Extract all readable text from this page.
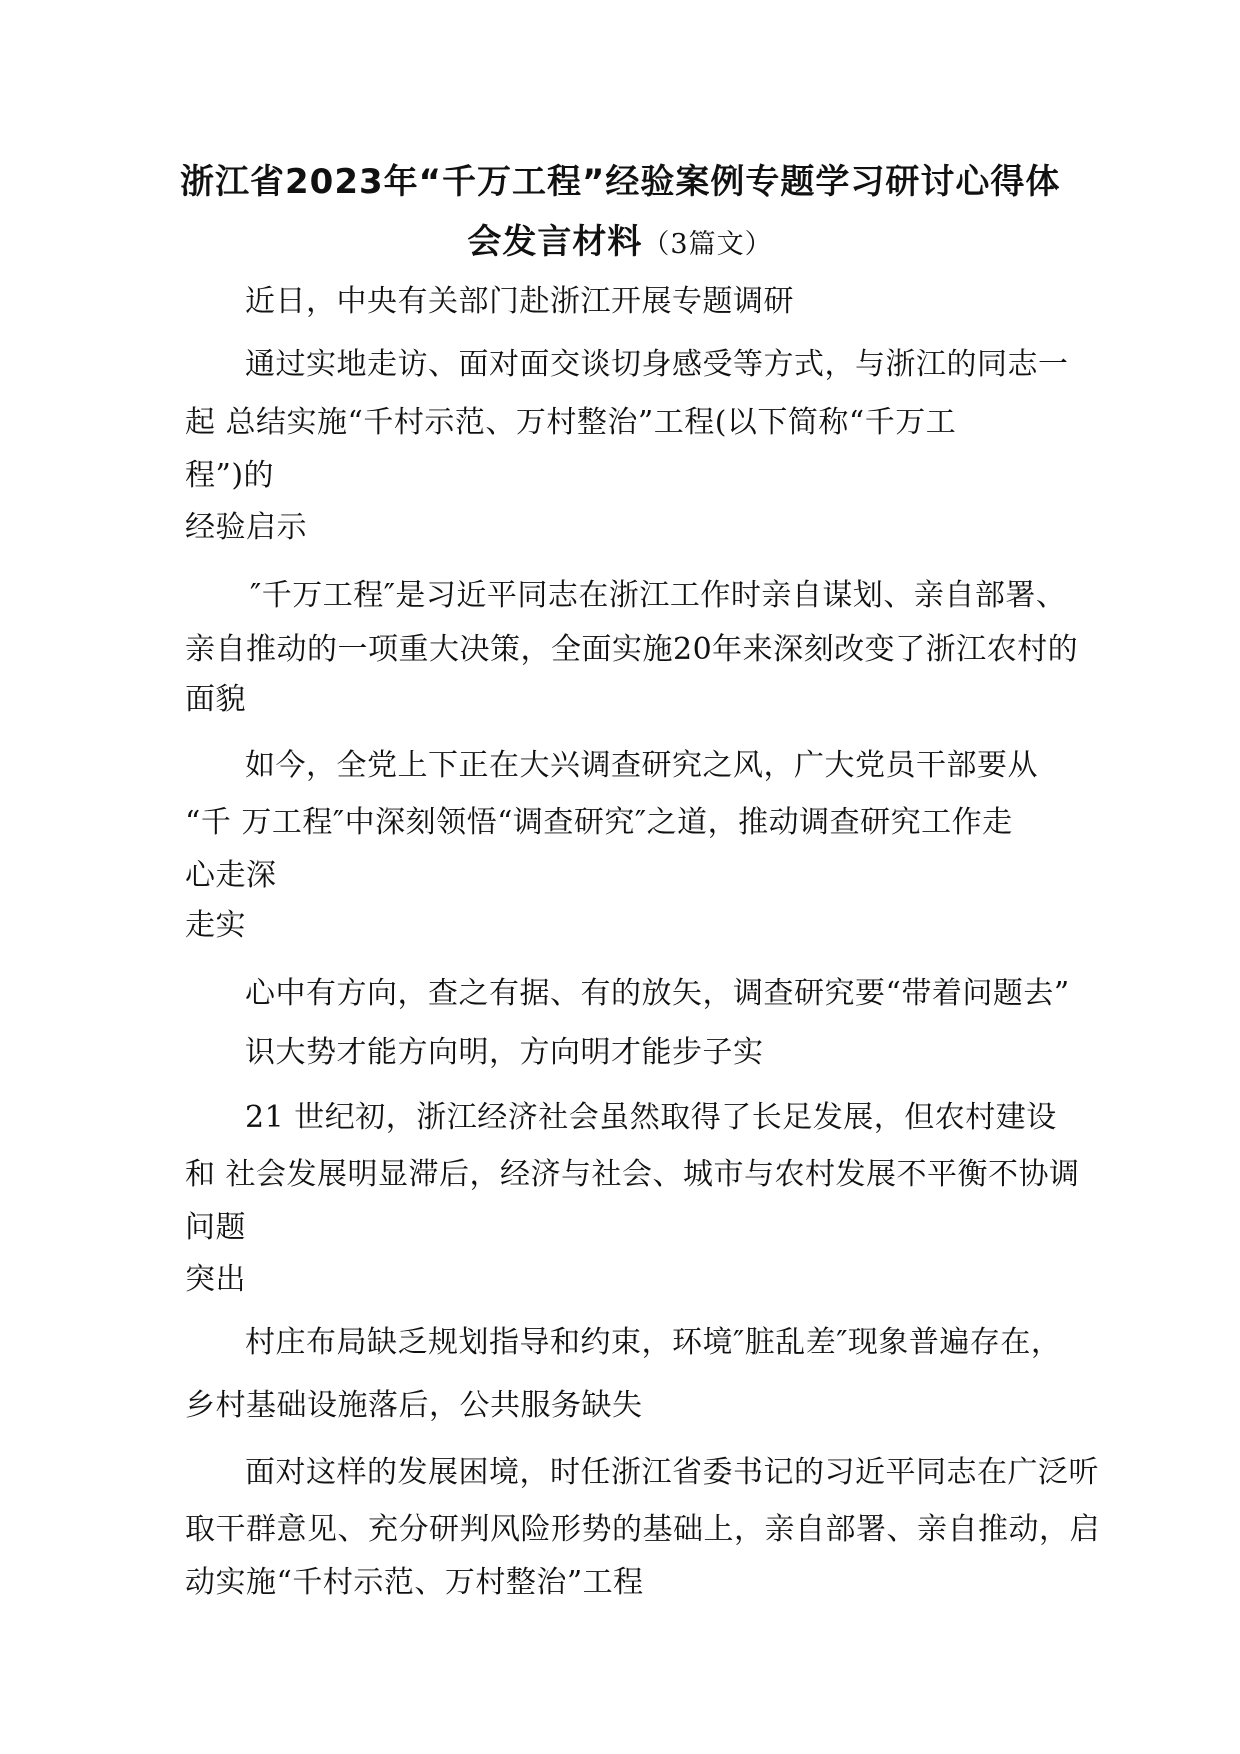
浙江省2023年“千万工程”经验案例专题学习研讨心得体
会发言材料（3篇文）
近日，中央有关部门赴浙江开展专题调研
通过实地走访、面对面交谈切身感受等方式，与浙江的同志一
起 总结实施“千村示范、万村整治”工程(以下简称“千万工
程”)的
经验启示
″千万工程″是习近平同志在浙江工作时亲自谋划、亲自部署、
亲自推动的一项重大决策，全面实施20年来深刻改变了浙江农村的
面貌
如今，全党上下正在大兴调查研究之风，广大党员干部要从
“千 万工程″中深刻领悟“调查研究″之道，推动调查研究工作走
心走深
走实
心中有方向，查之有据、有的放矢，调查研究要“带着问题去”
识大势才能方向明，方向明才能步子实
21 世纪初，浙江经济社会虽然取得了长足发展，但农村建设
和 社会发展明显滞后，经济与社会、城市与农村发展不平衡不协调
问题
突出
村庄布局缺乏规划指导和约束，环境″脏乱差″现象普遍存在，
乡村基础设施落后，公共服务缺失
面对这样的发展困境，时任浙江省委书记的习近平同志在广泛听
取干群意见、充分研判风险形势的基础上，亲自部署、亲自推动，启
动实施“千村示范、万村整治”工程
